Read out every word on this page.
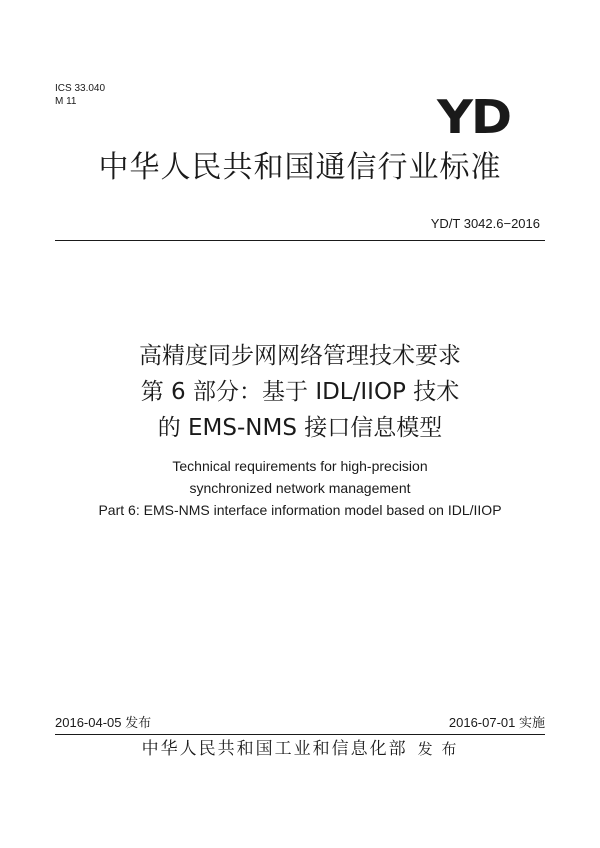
ICS 33.040
M 11	YD
中华人民共和国通信行业标准
YD/T 3042.6−2016
高精度同步网网络管理技术要求
第 6 部分：基于 IDL/IIOP 技术
的 EMS-NMS 接口信息模型
Technical requirements for high-precision
synchronized network management
Part 6: EMS-NMS interface information model based on IDL/IIOP
2016-04-05 发布	2016-07-01 实施
中华人民共和国工业和信息化部 发 布
